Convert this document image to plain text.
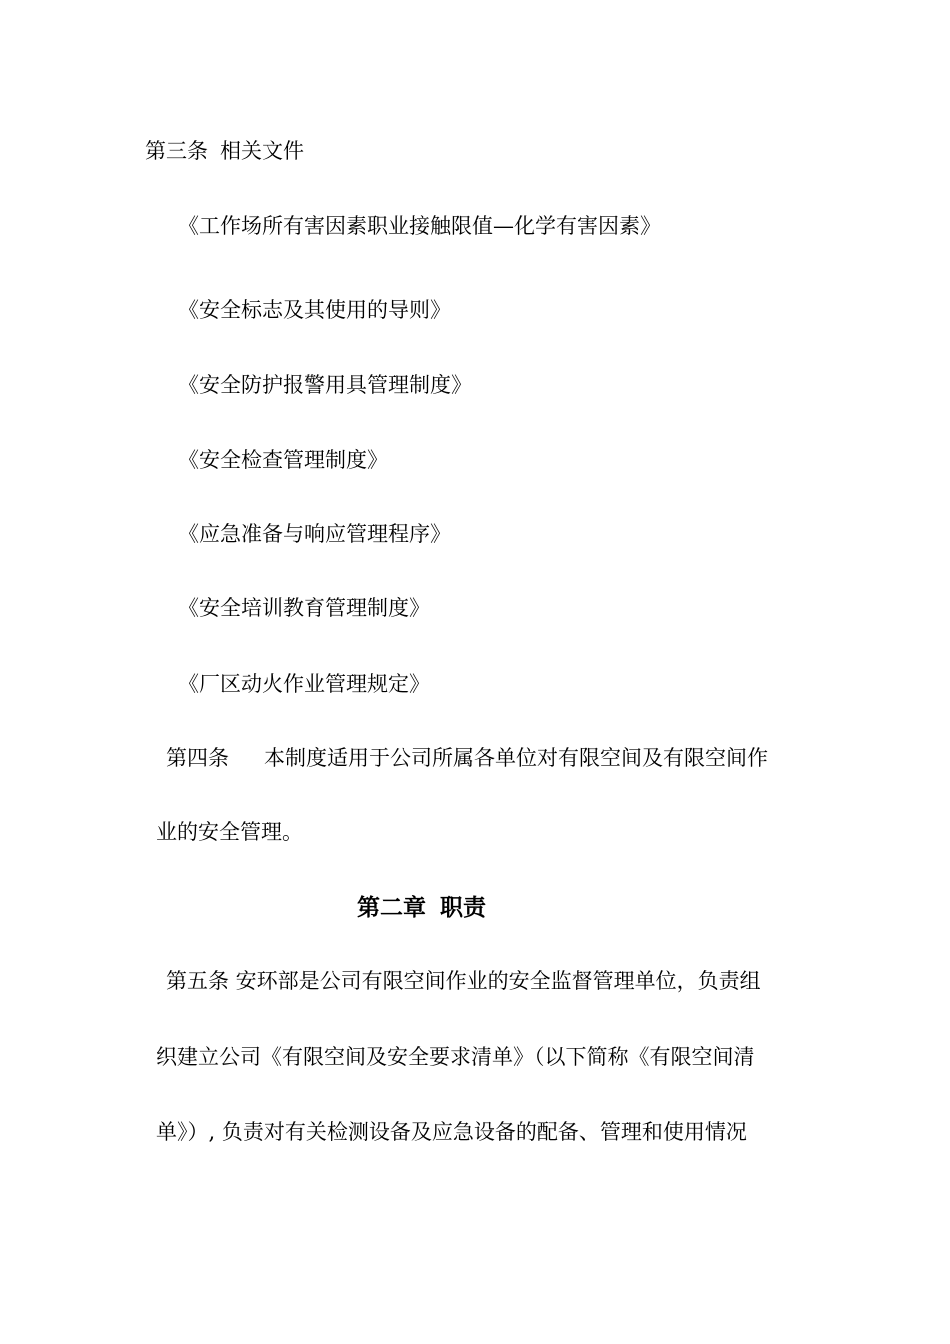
第三条 相关文件
《工作场所有害因素职业接触限值—化学有害因素》
《安全标志及其使用的导则》
《安全防护报警用具管理制度》
《安全检查管理制度》
《应急准备与响应管理程序》
《安全培训教育管理制度》
《厂区动火作业管理规定》
第四条 本制度适用于公司所属各单位对有限空间及有限空间作
业的安全管理。
第二章 职责
第五条 安环部是公司有限空间作业的安全监督管理单位，负责组
织建立公司《有限空间及安全要求清单》（以下简称《有限空间清
单》）, 负责对有关检测设备及应急设备的配备、管理和使用情况
